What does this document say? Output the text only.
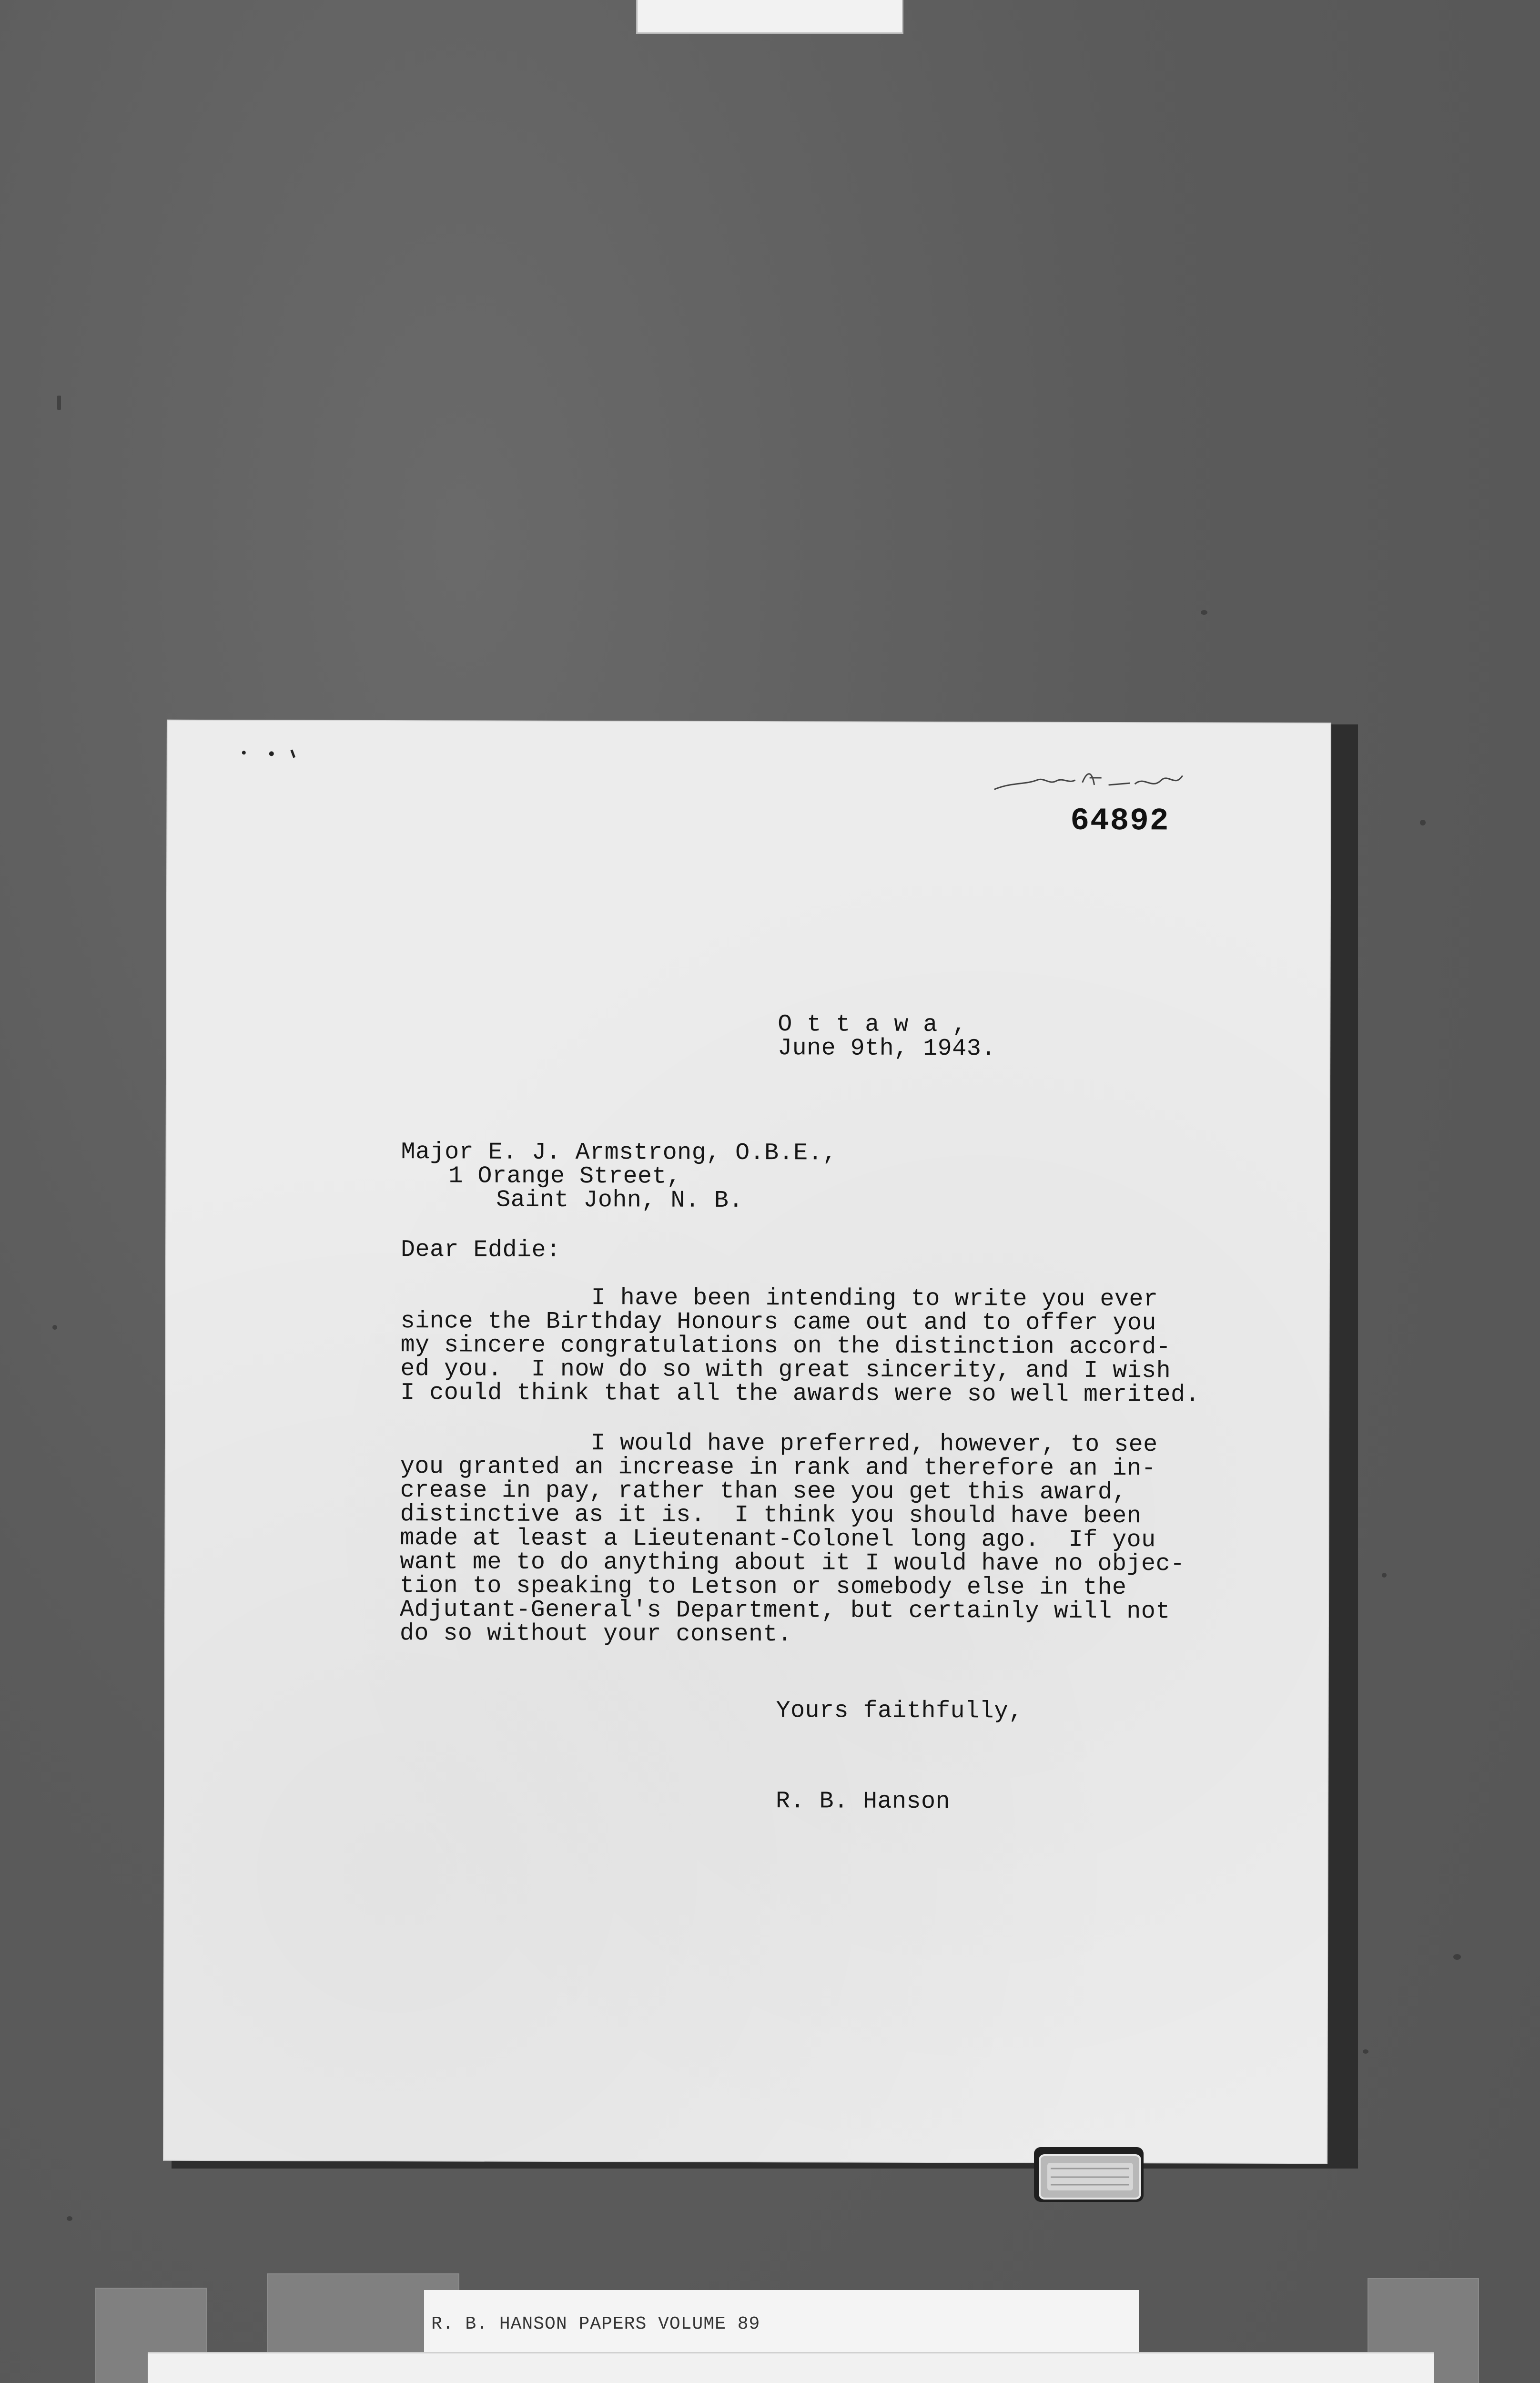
64892
O t t a w a ,
June 9th, 1943.
Major E. J. Armstrong, O.B.E.,
1 Orange Street,
Saint John, N. B.
Dear Eddie:
I have been intending to write you ever
since the Birthday Honours came out and to offer you
my sincere congratulations on the distinction accord-
ed you.  I now do so with great sincerity, and I wish
I could think that all the awards were so well merited.
I would have preferred, however, to see
you granted an increase in rank and therefore an in-
crease in pay, rather than see you get this award,
distinctive as it is.  I think you should have been
made at least a Lieutenant-Colonel long ago.  If you
want me to do anything about it I would have no objec-
tion to speaking to Letson or somebody else in the
Adjutant-General's Department, but certainly will not
do so without your consent.
Yours faithfully,
R. B. Hanson
R. B. HANSON PAPERS VOLUME 89
